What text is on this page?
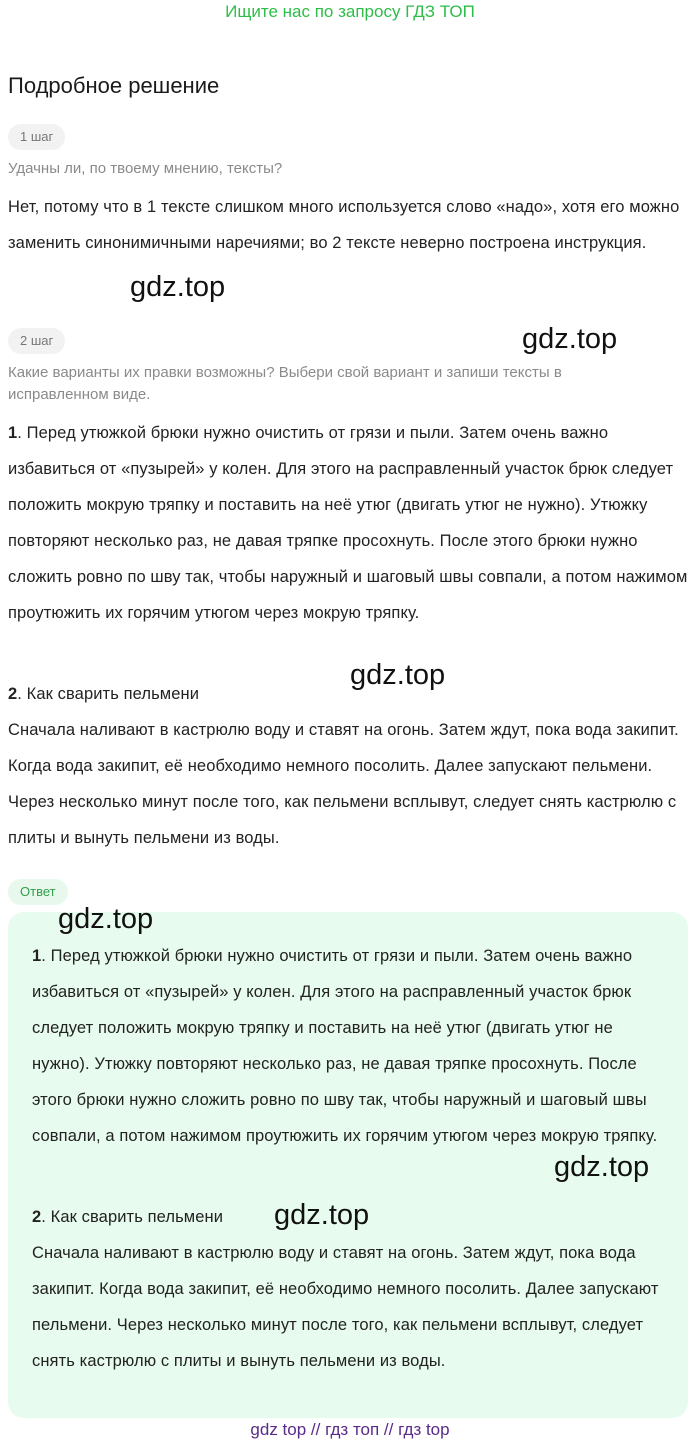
Ищите нас по запросу ГДЗ ТОП
Подробное решение
1 шаг
Удачны ли, по твоему мнению, тексты?
Нет, потому что в 1 тексте слишком много используется слово «надо», хотя его можно заменить синонимичными наречиями; во 2 тексте неверно построена инструкция.
2 шаг
Какие варианты их правки возможны? Выбери свой вариант и запиши тексты в исправленном виде.
1. Перед утюжкой брюки нужно очистить от грязи и пыли. Затем очень важно избавиться от «пузырей» у колен. Для этого на расправленный участок брюк следует положить мокрую тряпку и поставить на неё утюг (двигать утюг не нужно). Утюжку повторяют несколько раз, не давая тряпке просохнуть. После этого брюки нужно сложить ровно по шву так, чтобы наружный и шаговый швы совпали, а потом нажимом проутюжить их горячим утюгом через мокрую тряпку.
2. Как сварить пельмени
Сначала наливают в кастрюлю воду и ставят на огонь. Затем ждут, пока вода закипит. Когда вода закипит, её необходимо немного посолить. Далее запускают пельмени. Через несколько минут после того, как пельмени всплывут, следует снять кастрюлю с плиты и вынуть пельмени из воды.
Ответ
1. Перед утюжкой брюки нужно очистить от грязи и пыли. Затем очень важно избавиться от «пузырей» у колен. Для этого на расправленный участок брюк следует положить мокрую тряпку и поставить на неё утюг (двигать утюг не нужно). Утюжку повторяют несколько раз, не давая тряпке просохнуть. После этого брюки нужно сложить ровно по шву так, чтобы наружный и шаговый швы совпали, а потом нажимом проутюжить их горячим утюгом через мокрую тряпку.
2. Как сварить пельмени
Сначала наливают в кастрюлю воду и ставят на огонь. Затем ждут, пока вода закипит. Когда вода закипит, её необходимо немного посолить. Далее запускают пельмени. Через несколько минут после того, как пельмени всплывут, следует снять кастрюлю с плиты и вынуть пельмени из воды.
gdz.top
gdz.top
gdz.top
gdz.top
gdz.top
gdz.top
gdz top // гдз топ // гдз top
